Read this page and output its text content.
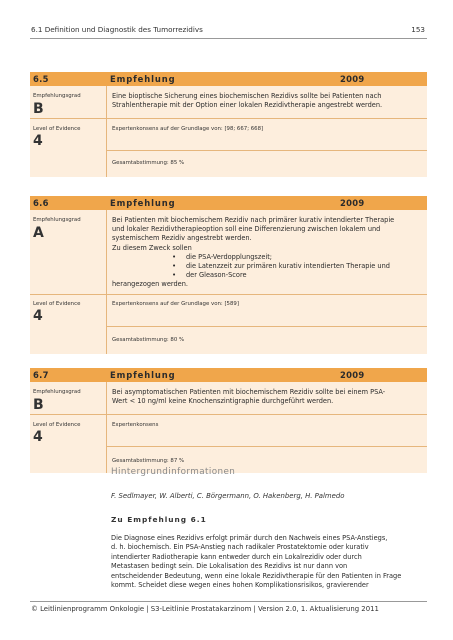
6.1 Definition und Diagnostik des Tumorrezidivs	153
6.5	Empfehlung	2009
Empfehlungsgrad
B
Eine bioptische Sicherung eines biochemischen Rezidivs sollte bei Patienten nach
Strahlentherapie mit der Option einer lokalen Rezidivtherapie angestrebt werden.
Level of Evidence
4
Expertenkonsens auf der Grundlage von: [98; 667; 668]
Gesamtabstimmung: 85 %
6.6	Empfehlung	2009
Empfehlungsgrad
A
Bei Patienten mit biochemischem Rezidiv nach primärer kurativ intendierter Therapie
und lokaler Rezidivtherapieoption soll eine Differenzierung zwischen lokalem und
systemischem Rezidiv angestrebt werden.
Zu diesem Zweck sollen
• die PSA-Verdopplungszeit;
• die Latenzzeit zur primären kurativ intendierten Therapie und
• der Gleason-Score
herangezogen werden.
Level of Evidence
4
Expertenkonsens auf der Grundlage von: [589]
Gesamtabstimmung: 80 %
6.7	Empfehlung	2009
Empfehlungsgrad
B
Bei asymptomatischen Patienten mit biochemischem Rezidiv sollte bei einem PSA-
Wert < 10 ng/ml keine Knochenszintigraphie durchgeführt werden.
Level of Evidence
4
Expertenkonsens
Gesamtabstimmung: 87 %
Hintergrundinformationen
F. Sedlmayer, W. Alberti, C. Börgermann, O. Hakenberg, H. Palmedo
Zu Empfehlung 6.1
Die Diagnose eines Rezidivs erfolgt primär durch den Nachweis eines PSA-Anstiegs,
d. h. biochemisch. Ein PSA-Anstieg nach radikaler Prostatektomie oder kurativ
intendierter Radiotherapie kann entweder durch ein Lokalrezidiv oder durch
Metastasen bedingt sein. Die Lokalisation des Rezidivs ist nur dann von
entscheidender Bedeutung, wenn eine lokale Rezidivtherapie für den Patienten in Frage
kommt. Scheidet diese wegen eines hohen Komplikationsrisikos, gravierender
© Leitlinienprogramm Onkologie | S3-Leitlinie Prostatakarzinom | Version 2.0, 1. Aktualisierung 2011
